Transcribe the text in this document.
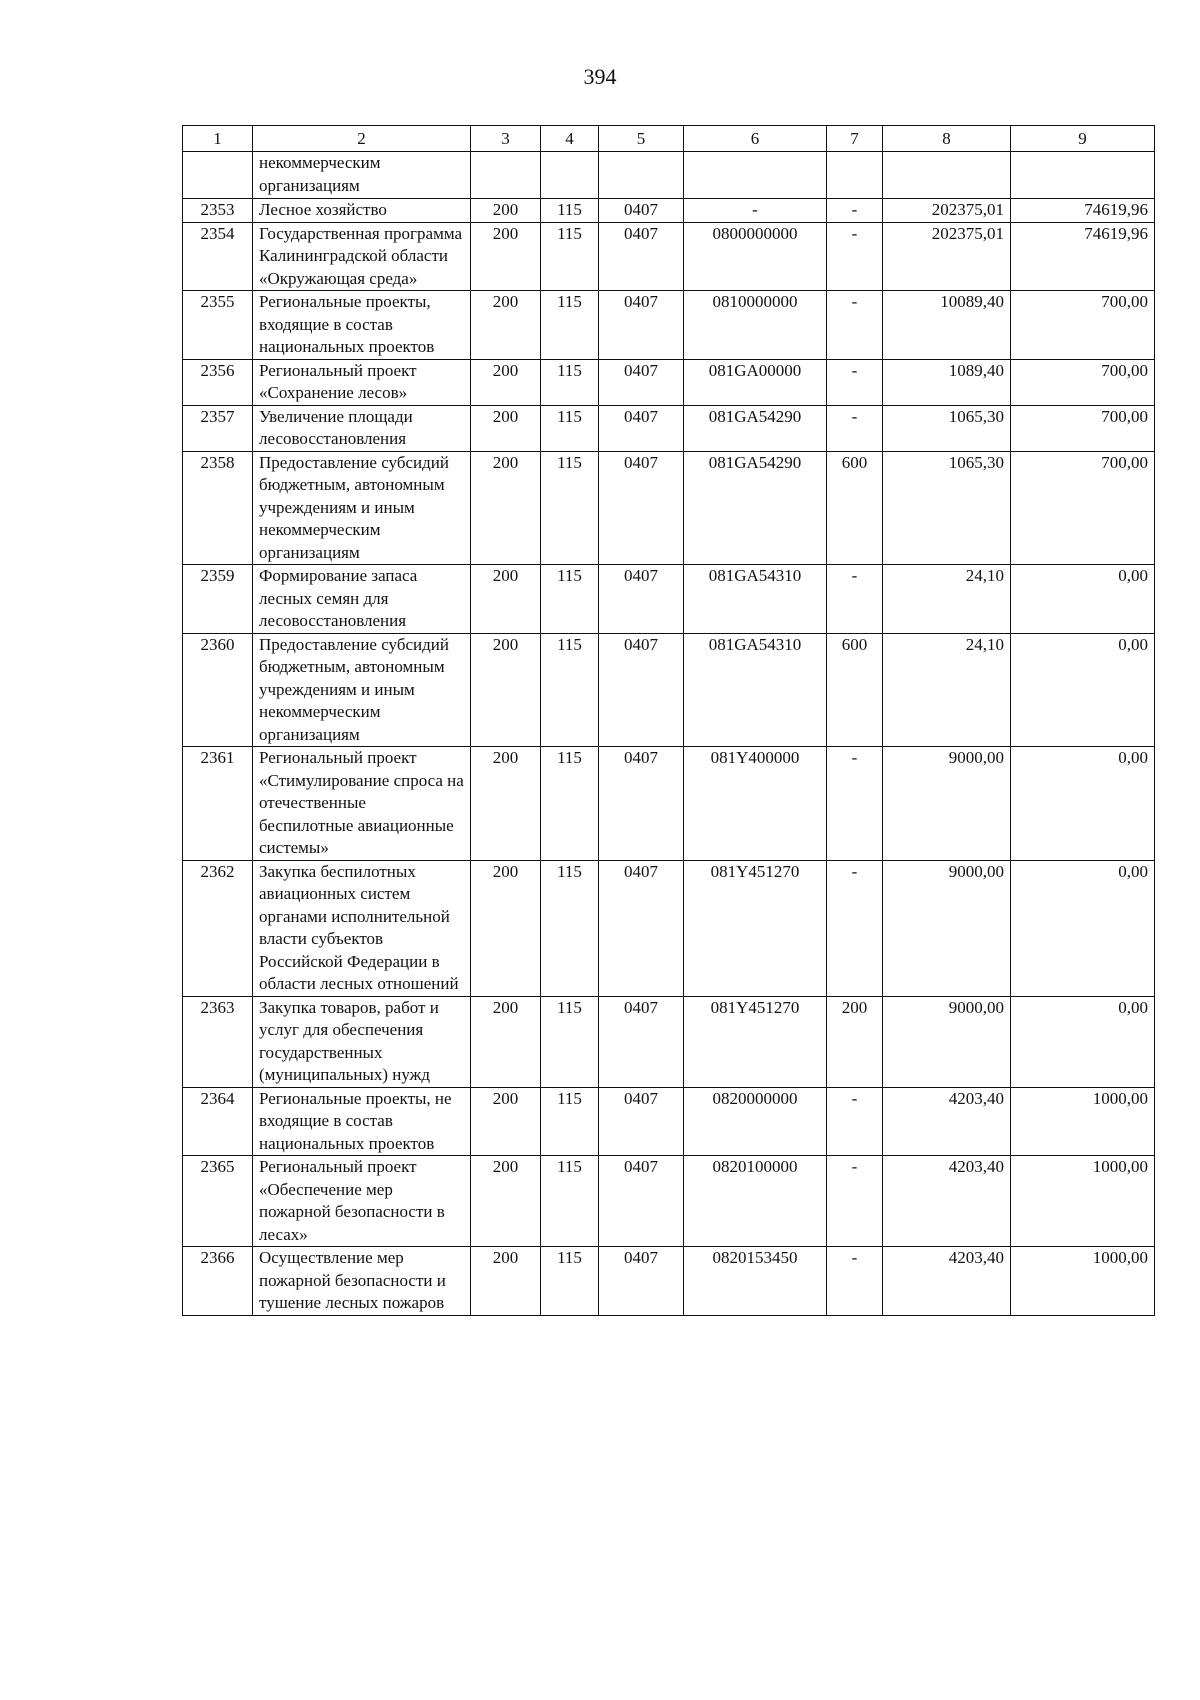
394
1	2	3	4	5	6	7	8	9
	некоммерческим организациям							
2353	Лесное хозяйство	200	115	0407	-	-	202375,01	74619,96
2354	Государственная программа Калининградской области «Окружающая среда»	200	115	0407	0800000000	-	202375,01	74619,96
2355	Региональные проекты, входящие в состав национальных проектов	200	115	0407	0810000000	-	10089,40	700,00
2356	Региональный проект «Сохранение лесов»	200	115	0407	081GA00000	-	1089,40	700,00
2357	Увеличение площади лесовосстановления	200	115	0407	081GA54290	-	1065,30	700,00
2358	Предоставление субсидий бюджетным, автономным учреждениям и иным некоммерческим организациям	200	115	0407	081GA54290	600	1065,30	700,00
2359	Формирование запаса лесных семян для лесовосстановления	200	115	0407	081GA54310	-	24,10	0,00
2360	Предоставление субсидий бюджетным, автономным учреждениям и иным некоммерческим организациям	200	115	0407	081GA54310	600	24,10	0,00
2361	Региональный проект «Стимулирование спроса на отечественные беспилотные авиационные системы»	200	115	0407	081Y400000	-	9000,00	0,00
2362	Закупка беспилотных авиационных систем органами исполнительной власти субъектов Российской Федерации в области лесных отношений	200	115	0407	081Y451270	-	9000,00	0,00
2363	Закупка товаров, работ и услуг для обеспечения государственных (муниципальных) нужд	200	115	0407	081Y451270	200	9000,00	0,00
2364	Региональные проекты, не входящие в состав национальных проектов	200	115	0407	0820000000	-	4203,40	1000,00
2365	Региональный проект «Обеспечение мер пожарной безопасности в лесах»	200	115	0407	0820100000	-	4203,40	1000,00
2366	Осуществление мер пожарной безопасности и тушение лесных пожаров	200	115	0407	0820153450	-	4203,40	1000,00
